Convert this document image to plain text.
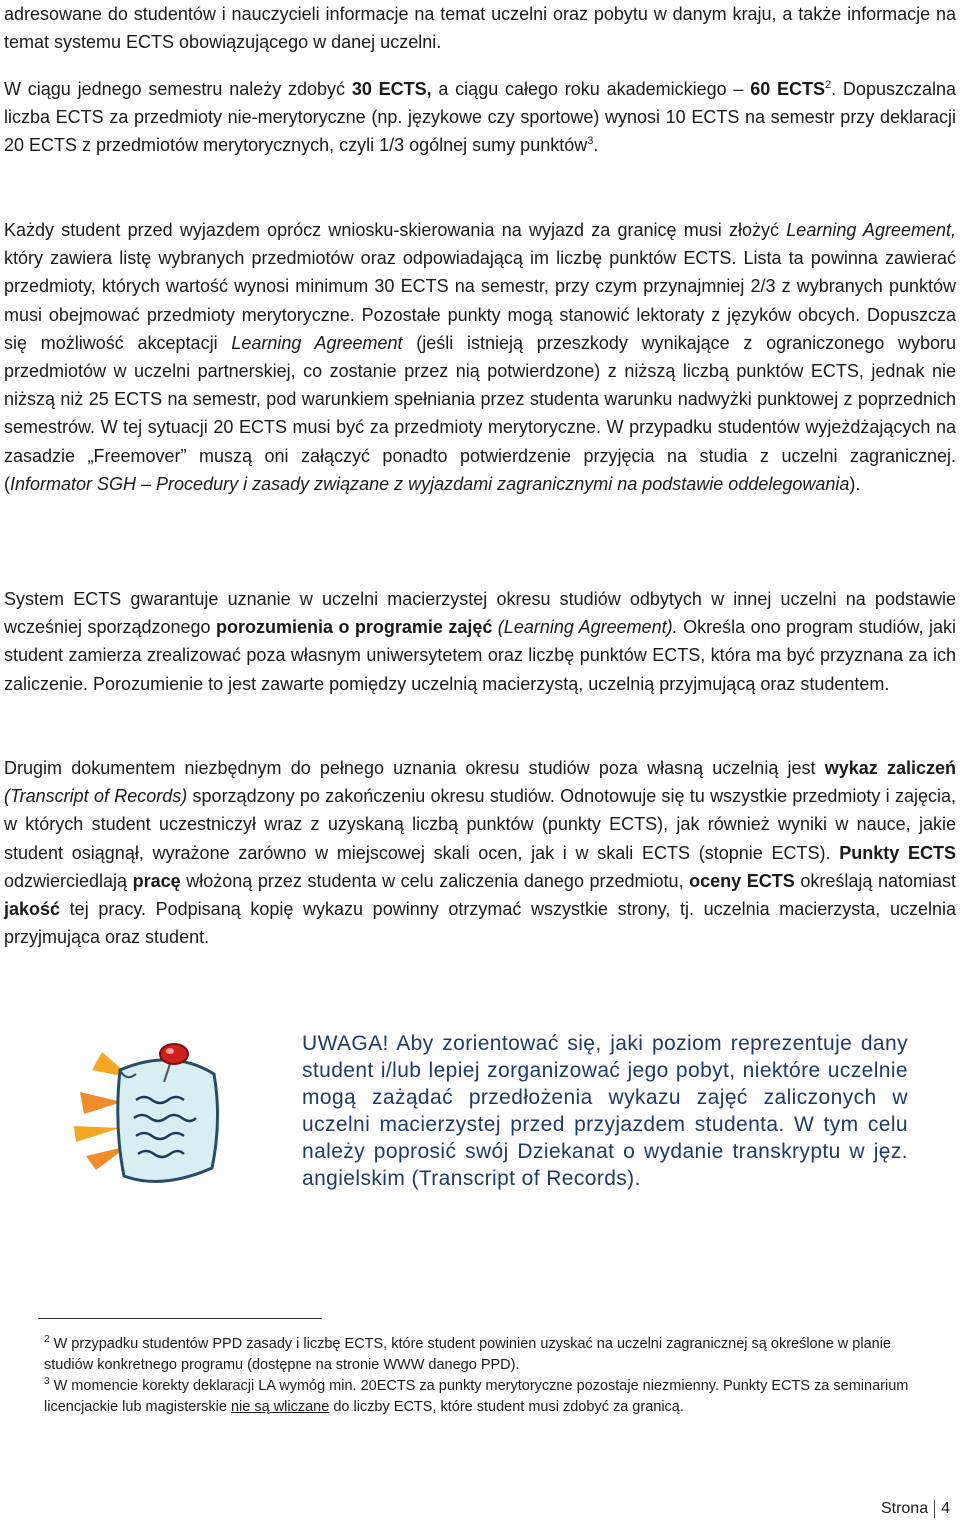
adresowane do studentów i nauczycieli informacje na temat uczelni oraz pobytu w danym kraju, a także informacje na temat systemu ECTS obowiązującego w danej uczelni.

W ciągu jednego semestru należy zdobyć 30 ECTS, a ciągu całego roku akademickiego – 60 ECTS$^2$. Dopuszczalna liczba ECTS za przedmioty nie-merytoryczne (np. językowe czy sportowe) wynosi 10 ECTS na semestr przy deklaracji 20 ECTS z przedmiotów merytorycznych, czyli 1/3 ogólnej sumy punktów$^3$.

Każdy student przed wyjazdem oprócz wniosku-skierowania na wyjazd za granicę musi złożyć Learning Agreement, który zawiera listę wybranych przedmiotów oraz odpowiadającą im liczbę punktów ECTS. Lista ta powinna zawierać przedmioty, których wartość wynosi minimum 30 ECTS na semestr, przy czym przynajmniej 2/3 z wybranych punktów musi obejmować przedmioty merytoryczne. Pozostałe punkty mogą stanowić lektoraty z języków obcych. Dopuszcza się możliwość akceptacji Learning Agreement (jeśli istnieją przeszkody wynikające z ograniczonego wyboru przedmiotów w uczelni partnerskiej, co zostanie przez nią potwierdzone) z niższą liczbą punktów ECTS, jednak nie niższą niż 25 ECTS na semestr, pod warunkiem spełniania przez studenta warunku nadwyżki punktowej z poprzednich semestrów. W tej sytuacji 20 ECTS musi być za przedmioty merytoryczne. W przypadku studentów wyjeżdżających na zasadzie „Freemover” muszą oni załączyć ponadto potwierdzenie przyjęcia na studia z uczelni zagranicznej. (Informator SGH – Procedury i zasady związane z wyjazdami zagranicznymi na podstawie oddelegowania).

System ECTS gwarantuje uznanie w uczelni macierzystej okresu studiów odbytych w innej uczelni na podstawie wcześniej sporządzonego porozumienia o programie zajęć (Learning Agreement). Określa ono program studiów, jaki student zamierza zrealizować poza własnym uniwersytetem oraz liczbę punktów ECTS, która ma być przyznana za ich zaliczenie. Porozumienie to jest zawarte pomiędzy uczelnią macierzystą, uczelnią przyjmującą oraz studentem.

Drugim dokumentem niezbędnym do pełnego uznania okresu studiów poza własną uczelnią jest wykaz zaliczeń (Transcript of Records) sporządzony po zakończeniu okresu studiów. Odnotowuje się tu wszystkie przedmioty i zajęcia, w których student uczestniczył wraz z uzyskaną liczbą punktów (punkty ECTS), jak również wyniki w nauce, jakie student osiągnął, wyrażone zarówno w miejscowej skali ocen, jak i w skali ECTS (stopnie ECTS). Punkty ECTS odzwierciedlają pracę włożoną przez studenta w celu zaliczenia danego przedmiotu, oceny ECTS określają natomiast jakość tej pracy. Podpisaną kopię wykazu powinny otrzymać wszystkie strony, tj. uczelnia macierzysta, uczelnia przyjmująca oraz student.

UWAGA! Aby zorientować się, jaki poziom reprezentuje dany student i/lub lepiej zorganizować jego pobyt, niektóre uczelnie mogą zażądać przedłożenia wykazu zajęć zaliczonych w uczelni macierzystej przed przyjazdem studenta. W tym celu należy poprosić swój Dziekanat o wydanie transkryptu w jęz. angielskim (Transcript of Records).

$^2$ W przypadku studentów PPD zasady i liczbę ECTS, które student powinien uzyskać na uczelni zagranicznej są określone w planie studiów konkretnego programu (dostępne na stronie WWW danego PPD).

$^3$ W momencie korekty deklaracji LA wymóg min. 20ECTS za punkty merytoryczne pozostaje niezmienny. Punkty ECTS za seminarium licencjackie lub magisterskie nie są wliczane do liczby ECTS, które student musi zdobyć za granicą.

Strona 4
